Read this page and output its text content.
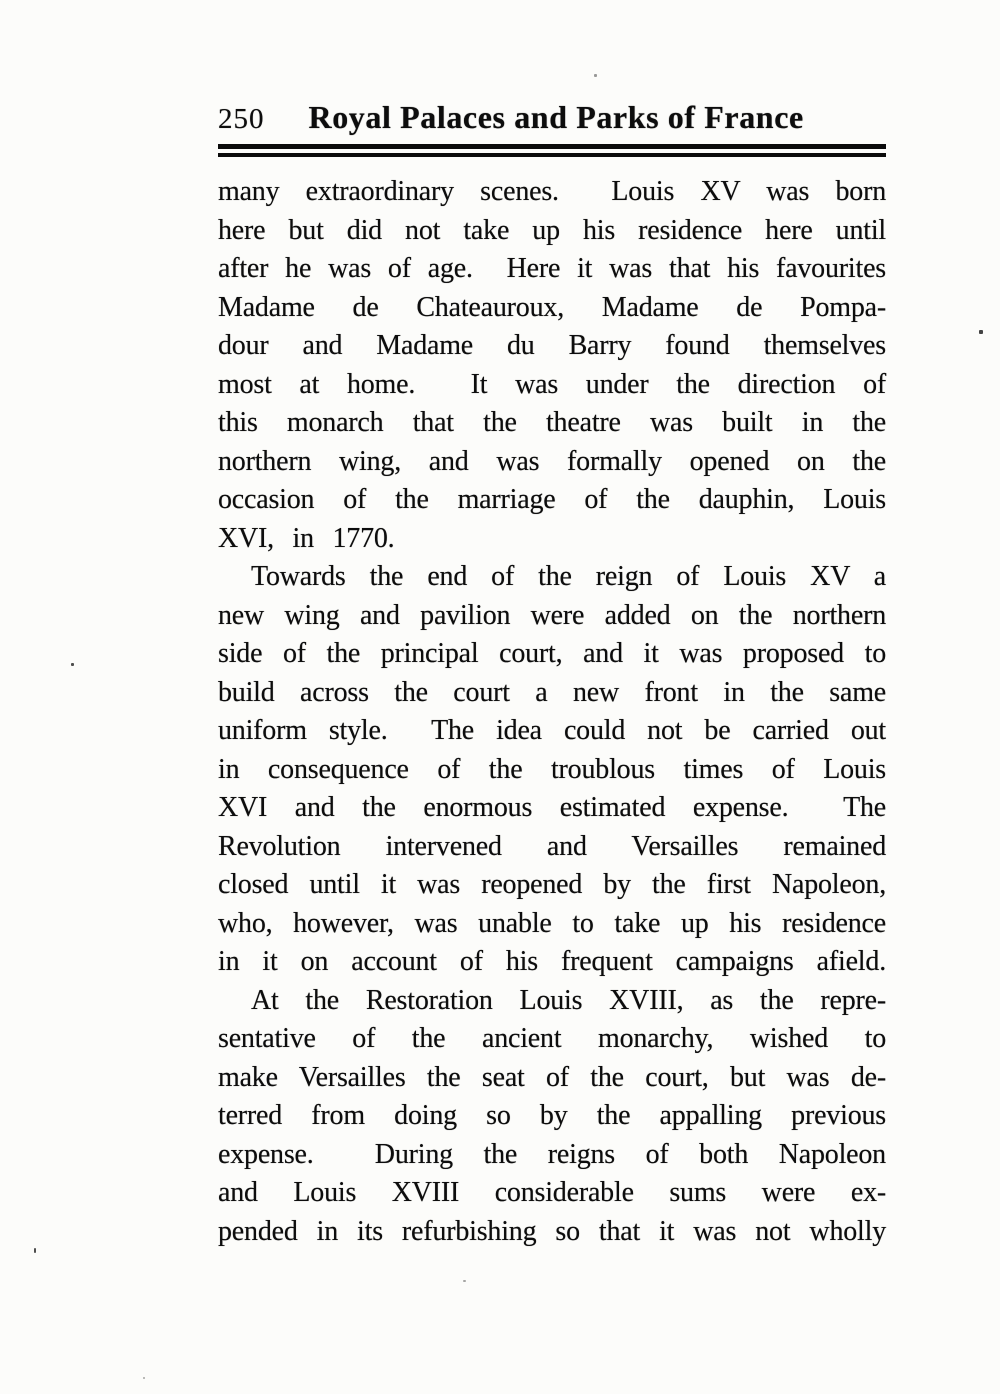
250 Royal Palaces and Parks of France
many extraordinary scenes.  Louis XV was born
here but did not take up his residence here until
after he was of age.  Here it was that his favourites
Madame de Chateauroux, Madame de Pompa-
dour and Madame du Barry found themselves
most at home.  It was under the direction of
this monarch that the theatre was built in the
northern wing, and was formally opened on the
occasion of the marriage of the dauphin, Louis
XVI, in 1770.
Towards the end of the reign of Louis XV a
new wing and pavilion were added on the northern
side of the principal court, and it was proposed to
build across the court a new front in the same
uniform style.  The idea could not be carried out
in consequence of the troublous times of Louis
XVI and the enormous estimated expense.  The
Revolution intervened and Versailles remained
closed until it was reopened by the first Napoleon,
who, however, was unable to take up his residence
in it on account of his frequent campaigns afield.
At the Restoration Louis XVIII, as the repre-
sentative of the ancient monarchy, wished to
make Versailles the seat of the court, but was de-
terred from doing so by the appalling previous
expense.  During the reigns of both Napoleon
and Louis XVIII considerable sums were ex-
pended in its refurbishing so that it was not wholly
